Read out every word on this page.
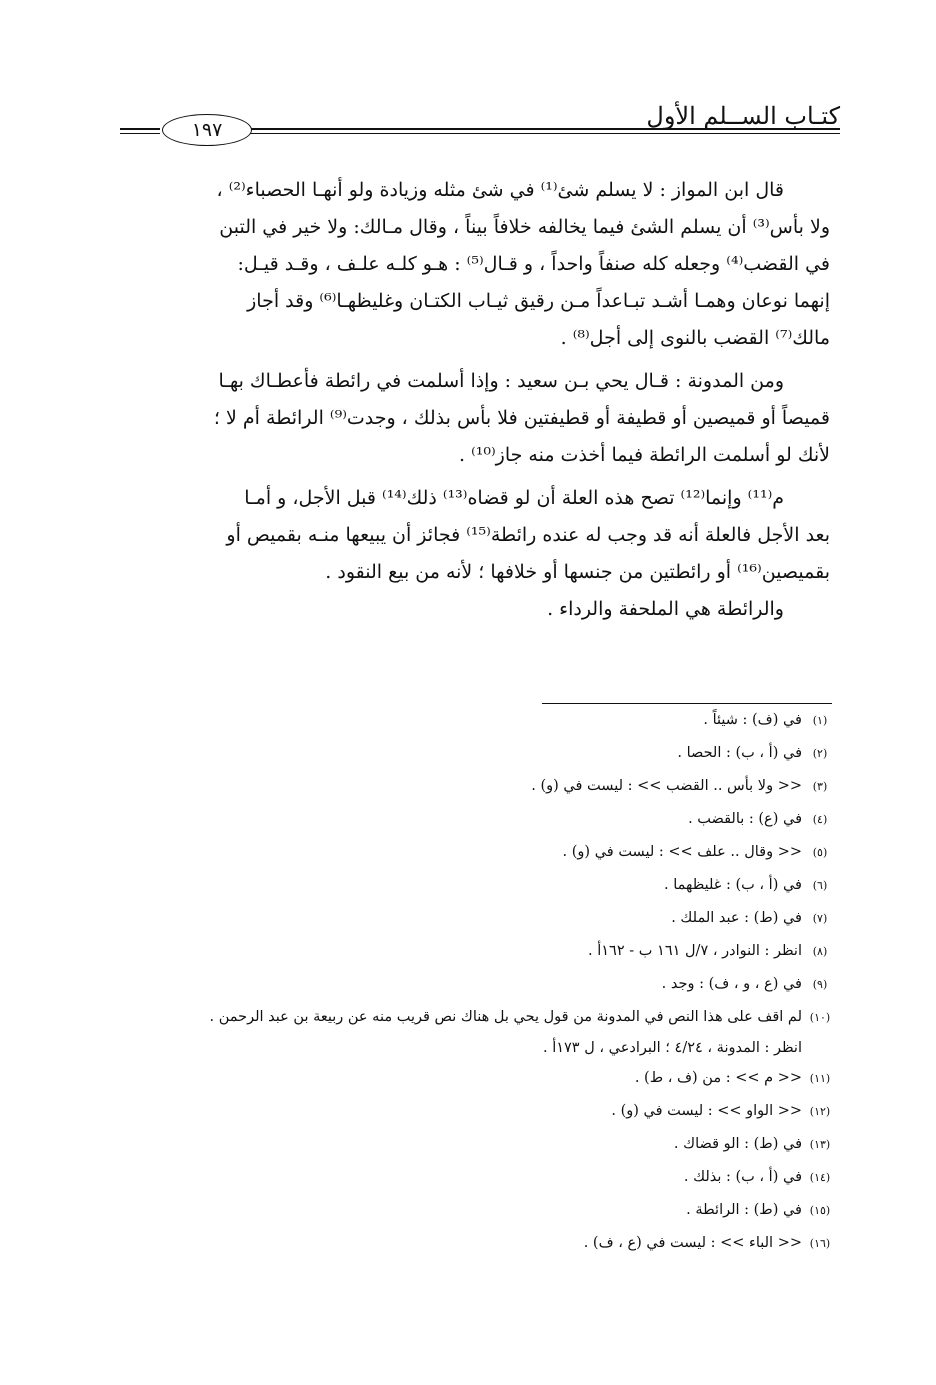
كتـاب الســلم الأول
١٩٧
قال ابن المواز : لا يسلم شئ⁽¹⁾ في شئ مثله وزيادة ولو أنهـا الحصباء⁽²⁾ ،
ولا بأس⁽³⁾ أن يسلم الشئ فيما يخالفه خلافاً بيناً ، وقال مـالك: ولا خير في التبن
في القضب⁽⁴⁾ وجعله كله صنفاً واحداً ، و قـال⁽⁵⁾ : هـو كلـه علـف ، وقـد قيـل:
إنهما نوعان وهمـا أشـد تبـاعداً مـن رقيق ثيـاب الكتـان وغليظهـا⁽⁶⁾ وقد أجاز
مالك⁽⁷⁾ القضب بالنوى إلى أجل⁽⁸⁾ .
ومن المدونة : قـال يحي بـن سعيد : وإذا أسلمت في رائطة فأعطـاك بهـا
قميصاً أو قميصين أو قطيفة أو قطيفتين فلا بأس بذلك ، وجدت⁽⁹⁾ الرائطة أم لا ؛
لأنك لو أسلمت الرائطة فيما أخذت منه جاز⁽¹⁰⁾ .
م⁽¹¹⁾ وإنما⁽¹²⁾ تصح هذه العلة أن لو قضاه⁽¹³⁾ ذلك⁽¹⁴⁾ قبل الأجل، و أمـا
بعد الأجل فالعلة أنه قد وجب له عنده رائطة⁽¹⁵⁾ فجائز أن يبيعها منـه بقميص أو
بقميصين⁽¹⁶⁾ أو رائطتين من جنسها أو خلافها ؛ لأنه من بيع النقود .
والرائطة هي الملحفة والرداء .
(١)
في (ف) : شيئاً .
(٢)
في (أ ، ب) : الحصا .
(٣)
<< ولا بأس .. القضب >> : ليست في (و) .
(٤)
في (ع) : بالقضب .
(٥)
<< وقال .. علف >> : ليست في (و) .
(٦)
في (أ ، ب) : غليظهما .
(٧)
في (ط) : عبد الملك .
(٨)
انظر : النوادر ، ٧/ل ١٦١ ب - ١٦٢أ .
(٩)
في (ع ، و ، ف) : وجد .
(١٠)
لم اقف على هذا النص في المدونة من قول يحي بل هناك نص قريب منه عن ربيعة بن عبد الرحمن .
انظر : المدونة ، ٤/٢٤ ؛ البرادعي ، ل ١٧٣أ .
(١١)
<< م >> : من (ف ، ط) .
(١٢)
<< الواو >> : ليست في (و) .
(١٣)
في (ط) : الو قضاك .
(١٤)
في (أ ، ب) : بذلك .
(١٥)
في (ط) : الرائطة .
(١٦)
<< الباء >> : ليست في (ع ، ف) .
